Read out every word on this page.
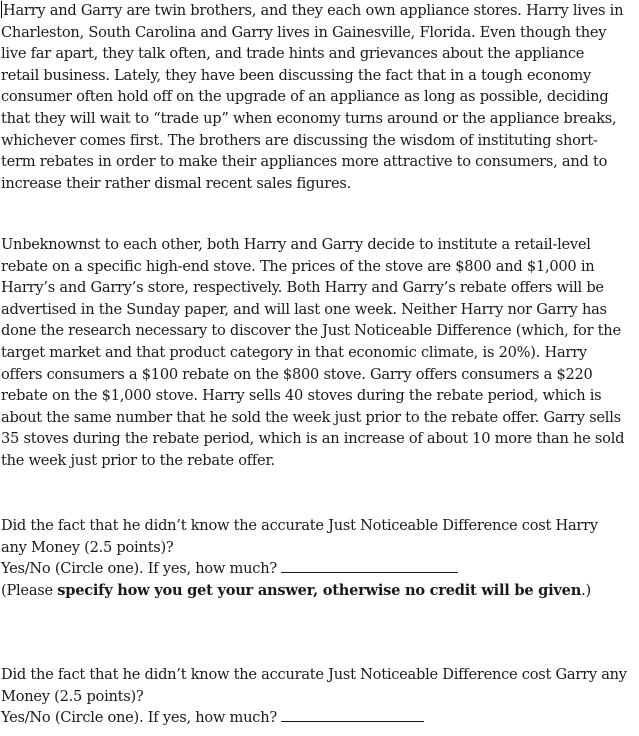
Harry and Garry are twin brothers, and they each own appliance stores. Harry lives in Charleston, South Carolina and Garry lives in Gainesville, Florida. Even though they live far apart, they talk often, and trade hints and grievances about the appliance retail business. Lately, they have been discussing the fact that in a tough economy consumer often hold off on the upgrade of an appliance as long as possible, deciding that they will wait to “trade up” when economy turns around or the appliance breaks, whichever comes first. The brothers are discussing the wisdom of instituting short-term rebates in order to make their appliances more attractive to consumers, and to increase their rather dismal recent sales figures.

Unbeknownst to each other, both Harry and Garry decide to institute a retail-level rebate on a specific high-end stove. The prices of the stove are $800 and $1,000 in Harry’s and Garry’s store, respectively. Both Harry and Garry’s rebate offers will be advertised in the Sunday paper, and will last one week. Neither Harry nor Garry has done the research necessary to discover the Just Noticeable Difference (which, for the target market and that product category in that economic climate, is 20%). Harry offers consumers a $100 rebate on the $800 stove. Garry offers consumers a $220 rebate on the $1,000 stove. Harry sells 40 stoves during the rebate period, which is about the same number that he sold the week just prior to the rebate offer. Garry sells 35 stoves during the rebate period, which is an increase of about 10 more than he sold the week just prior to the rebate offer.

Did the fact that he didn’t know the accurate Just Noticeable Difference cost Harry any Money (2.5 points)?

Yes/No (Circle one). If yes, how much?

(Please specify how you get your answer, otherwise no credit will be given.)

Did the fact that he didn’t know the accurate Just Noticeable Difference cost Garry any Money (2.5 points)?

Yes/No (Circle one). If yes, how much?
